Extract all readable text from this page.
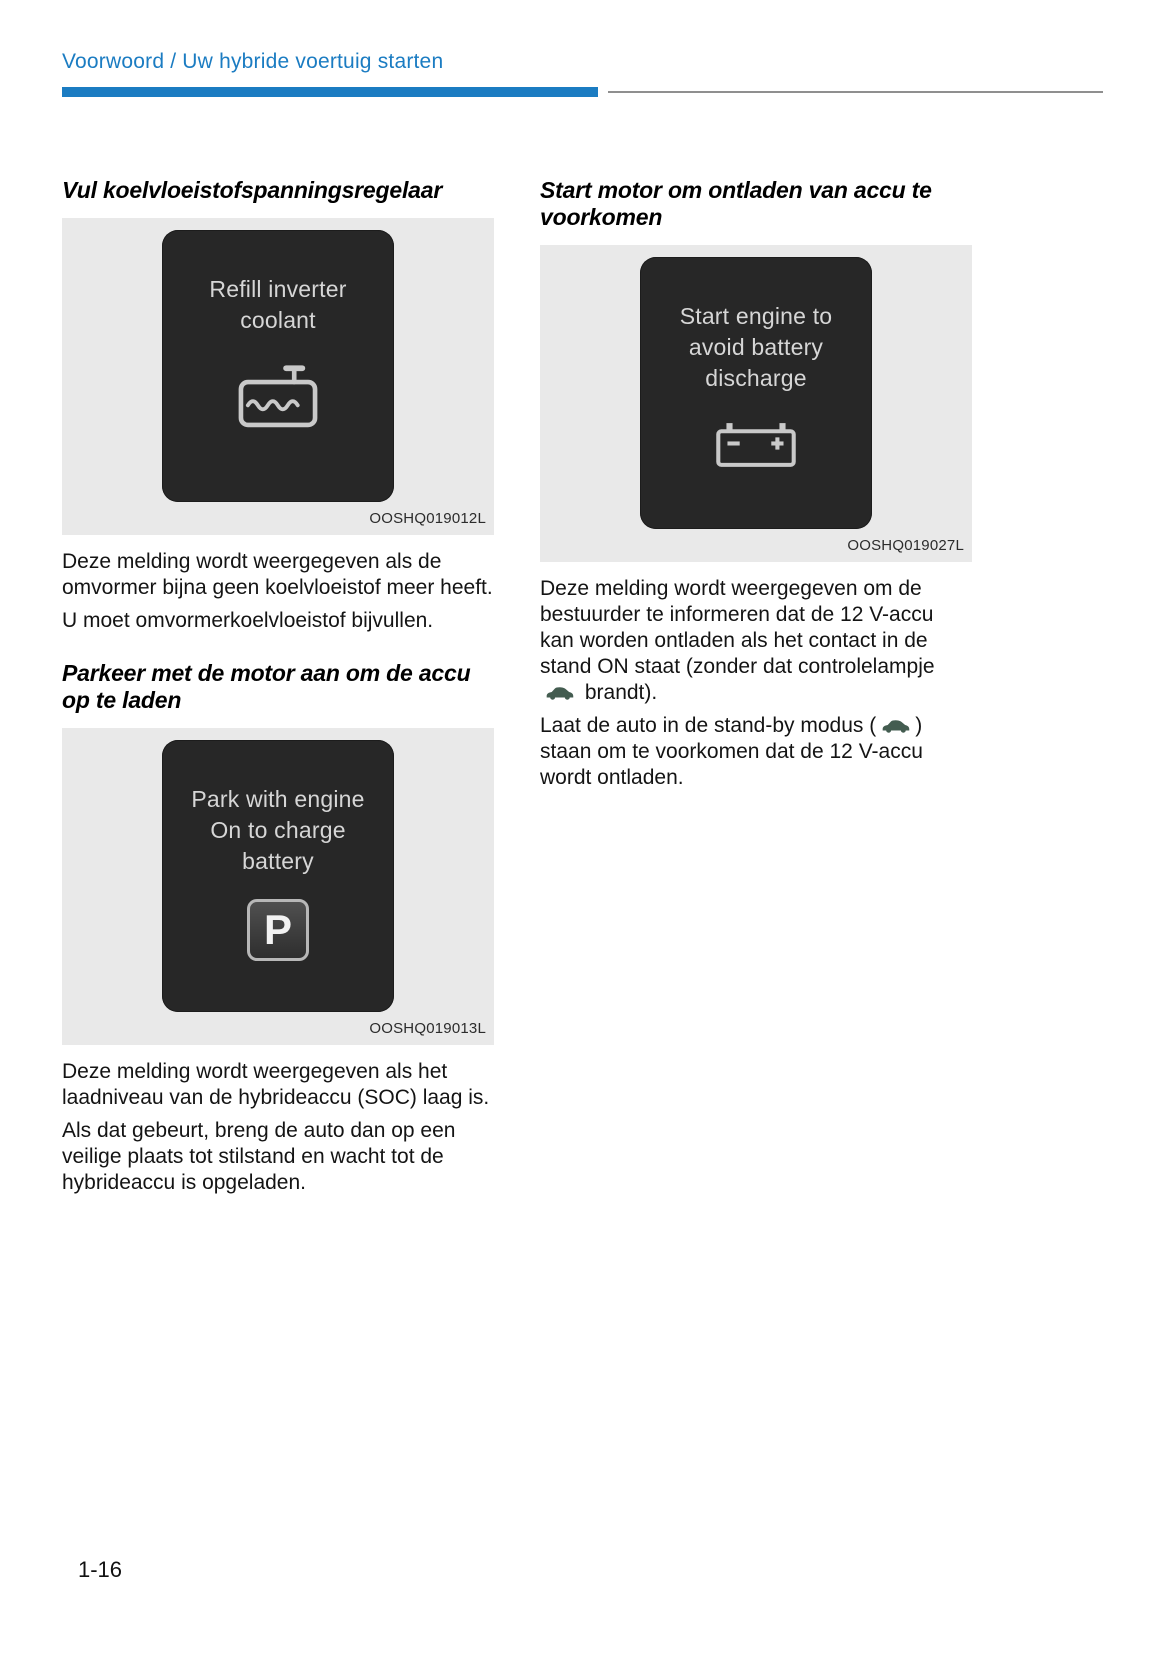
Voorwoord / Uw hybride voertuig starten
Vul koelvloeistofspanningsregelaar
Refill inverter
coolant
OOSHQ019012L

Deze melding wordt weergegeven als de omvormer bijna geen koelvloeistof meer heeft.

U moet omvormerkoelvloeistof bijvullen.

Parkeer met de motor aan om de accu op te laden
Park with engine
On to charge
battery
P
OOSHQ019013L

Deze melding wordt weergegeven als het laadniveau van de hybrideaccu (SOC) laag is.

Als dat gebeurt, breng de auto dan op een veilige plaats tot stilstand en wacht tot de hybrideaccu is opgeladen.

Start motor om ontladen van accu te voorkomen
Start engine to
avoid battery
discharge
OOSHQ019027L

Deze melding wordt weergegeven om de bestuurder te informeren dat de 12 V-accu kan worden ontladen als het contact in de stand ON staat (zonder dat controlelampje  brandt).

Laat de auto in de stand-by modus ( ) staan om te voorkomen dat de 12 V-accu wordt ontladen.

1-16
